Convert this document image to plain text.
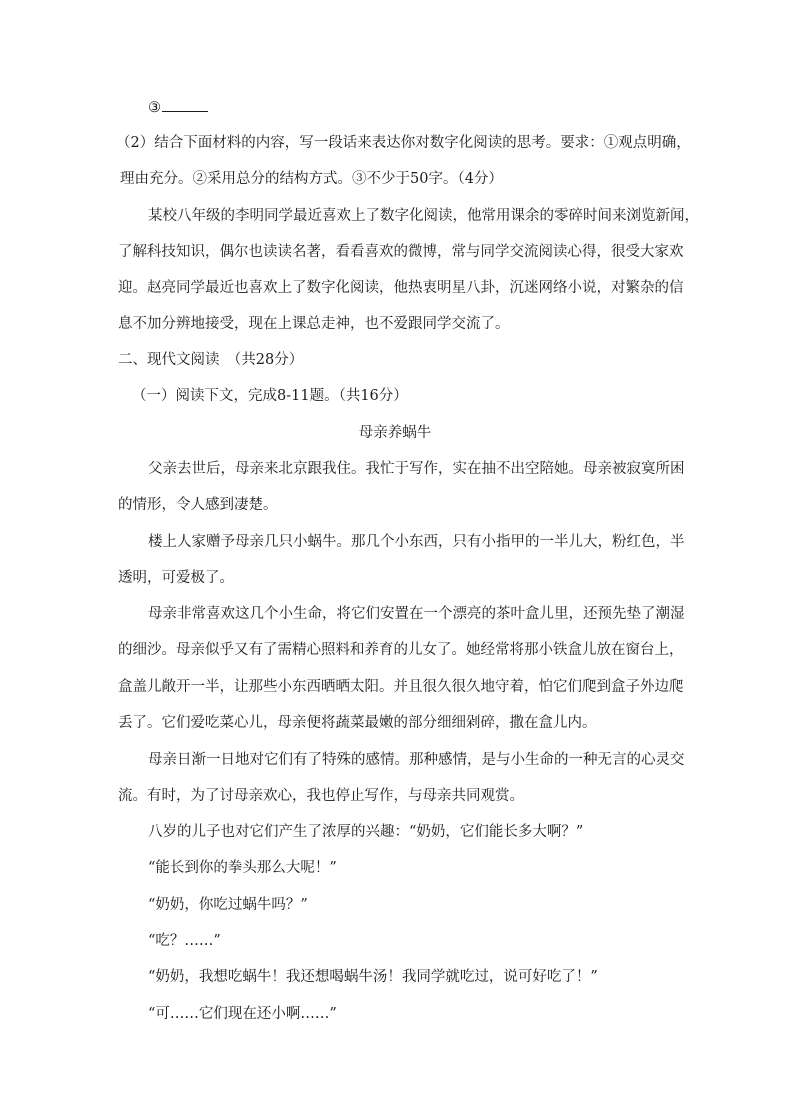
③
（2）结合下面材料的内容，写一段话来表达你对数字化阅读的思考。要求：①观点明确，
理由充分。②采用总分的结构方式。③不少于50字。（4分）
某校八年级的李明同学最近喜欢上了数字化阅读，他常用课余的零碎时间来浏览新闻，
了解科技知识，偶尔也读读名著，看看喜欢的微博，常与同学交流阅读心得，很受大家欢
迎。赵亮同学最近也喜欢上了数字化阅读，他热衷明星八卦，沉迷网络小说，对繁杂的信
息不加分辨地接受，现在上课总走神，也不爱跟同学交流了。
二、现代文阅读　（共28分）
（一）阅读下文，完成8-11题。（共16分）
母亲养蜗牛
父亲去世后，母亲来北京跟我住。我忙于写作，实在抽不出空陪她。母亲被寂寞所困
的情形，令人感到凄楚。
楼上人家赠予母亲几只小蜗牛。那几个小东西，只有小指甲的一半儿大，粉红色，半
透明，可爱极了。
母亲非常喜欢这几个小生命，将它们安置在一个漂亮的茶叶盒儿里，还预先垫了潮湿
的细沙。母亲似乎又有了需精心照料和养育的儿女了。她经常将那小铁盒儿放在窗台上，
盒盖儿敞开一半，让那些小东西晒晒太阳。并且很久很久地守着，怕它们爬到盒子外边爬
丢了。它们爱吃菜心儿，母亲便将蔬菜最嫩的部分细细剁碎，撒在盒儿内。
母亲日渐一日地对它们有了特殊的感情。那种感情，是与小生命的一种无言的心灵交
流。有时，为了讨母亲欢心，我也停止写作，与母亲共同观赏。
八岁的儿子也对它们产生了浓厚的兴趣：“奶奶，它们能长多大啊？”
“能长到你的拳头那么大呢！”
“奶奶，你吃过蜗牛吗？”
“吃？……”
“奶奶，我想吃蜗牛！我还想喝蜗牛汤！我同学就吃过，说可好吃了！”
“可……它们现在还小啊……”
